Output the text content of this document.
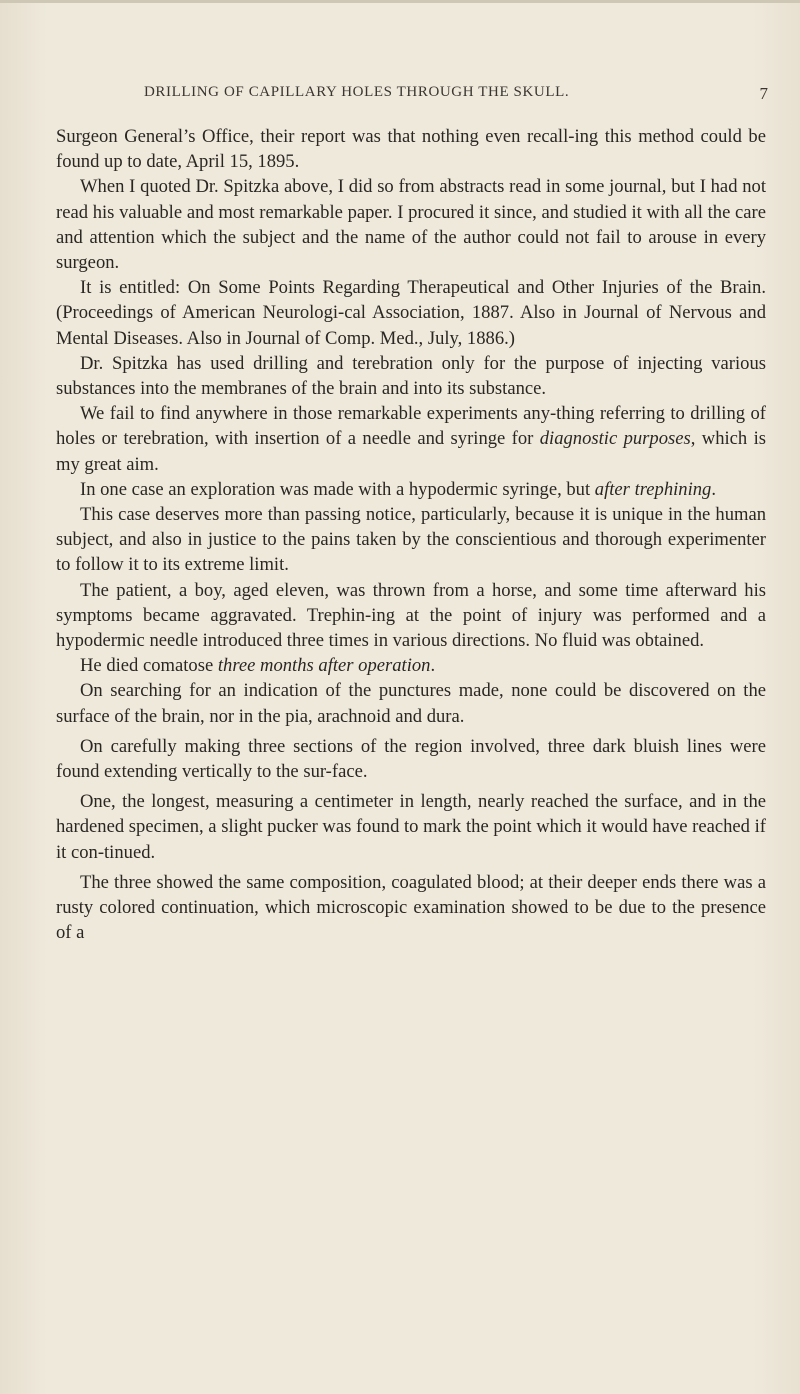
DRILLING OF CAPILLARY HOLES THROUGH THE SKULL.	7

Surgeon General’s Office, their report was that nothing even recall-ing this method could be found up to date, April 15, 1895.

When I quoted Dr. Spitzka above, I did so from abstracts read in some journal, but I had not read his valuable and most remarkable paper. I procured it since, and studied it with all the care and attention which the subject and the name of the author could not fail to arouse in every surgeon.

It is entitled: On Some Points Regarding Therapeutical and Other Injuries of the Brain. (Proceedings of American Neurologi-cal Association, 1887. Also in Journal of Nervous and Mental Diseases. Also in Journal of Comp. Med., July, 1886.)

Dr. Spitzka has used drilling and terebration only for the purpose of injecting various substances into the membranes of the brain and into its substance.

We fail to find anywhere in those remarkable experiments any-thing referring to drilling of holes or terebration, with insertion of a needle and syringe for diagnostic purposes, which is my great aim.

In one case an exploration was made with a hypodermic syringe, but after trephining.

This case deserves more than passing notice, particularly, because it is unique in the human subject, and also in justice to the pains taken by the conscientious and thorough experimenter to follow it to its extreme limit.

The patient, a boy, aged eleven, was thrown from a horse, and some time afterward his symptoms became aggravated. Trephin-ing at the point of injury was performed and a hypodermic needle introduced three times in various directions. No fluid was obtained.

He died comatose three months after operation.

On searching for an indication of the punctures made, none could be discovered on the surface of the brain, nor in the pia, arachnoid and dura.

On carefully making three sections of the region involved, three dark bluish lines were found extending vertically to the sur-face.

One, the longest, measuring a centimeter in length, nearly reached the surface, and in the hardened specimen, a slight pucker was found to mark the point which it would have reached if it con-tinued.

The three showed the same composition, coagulated blood; at their deeper ends there was a rusty colored continuation, which microscopic examination showed to be due to the presence of a
